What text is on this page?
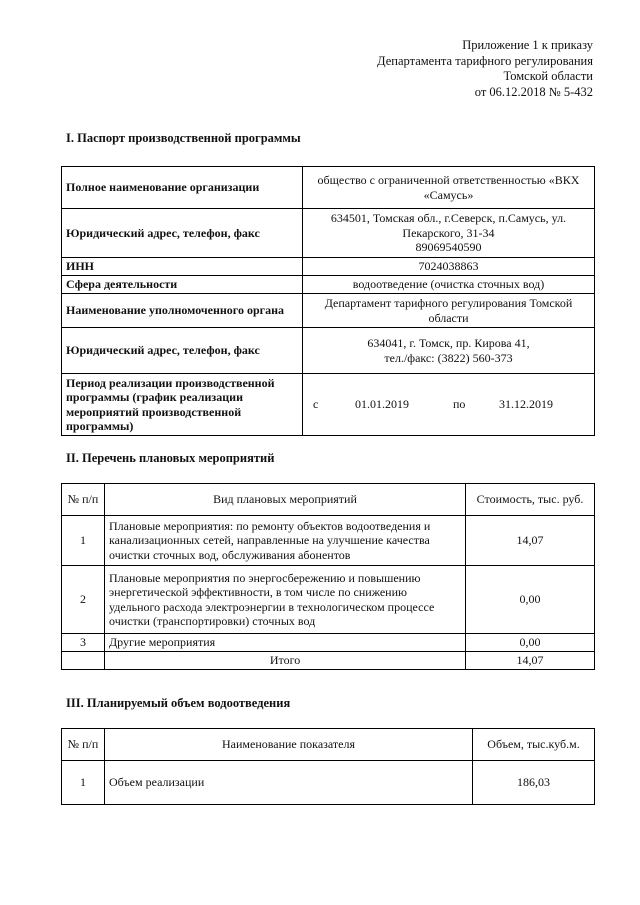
Приложение 1 к приказу
Департамента тарифного регулирования
Томской области
от 06.12.2018 № 5-432
I. Паспорт производственной программы
Полное наименование организации	общество с ограниченной ответственностью «ВКХ «Самусь»
Юридический адрес, телефон, факс	634501, Томская обл., г.Северск, п.Самусь, ул.
Пекарского, 31-34
89069540590

ИНН	7024038863
Сфера деятельности	водоотведение (очистка сточных вод)
Наименование уполномоченного органа	Департамент тарифного регулирования Томской области
Юридический адрес, телефон, факс	634041, г. Томск, пр. Кирова 41,
тел./факс: (3822) 560-373

Период реализации производственной программы (график реализации мероприятий производственной программы)	с 01.01.2019 по 31.12.2019
II. Перечень плановых мероприятий
№ п/п	Вид плановых мероприятий	Стоимость, тыс. руб.
1	Плановые мероприятия: по ремонту объектов водоотведения и канализационных сетей, направленные на улучшение качества очистки сточных вод, обслуживания абонентов	14,07
2	Плановые мероприятия по энергосбережению и повышению энергетической эффективности, в том числе по снижению удельного расхода электроэнергии в технологическом процессе очистки (транспортировки) сточных вод	0,00
3	Другие мероприятия	0,00
	Итого	14,07
III. Планируемый объем водоотведения
№ п/п	Наименование показателя	Объем, тыс.куб.м.
1	Объем реализации	186,03
